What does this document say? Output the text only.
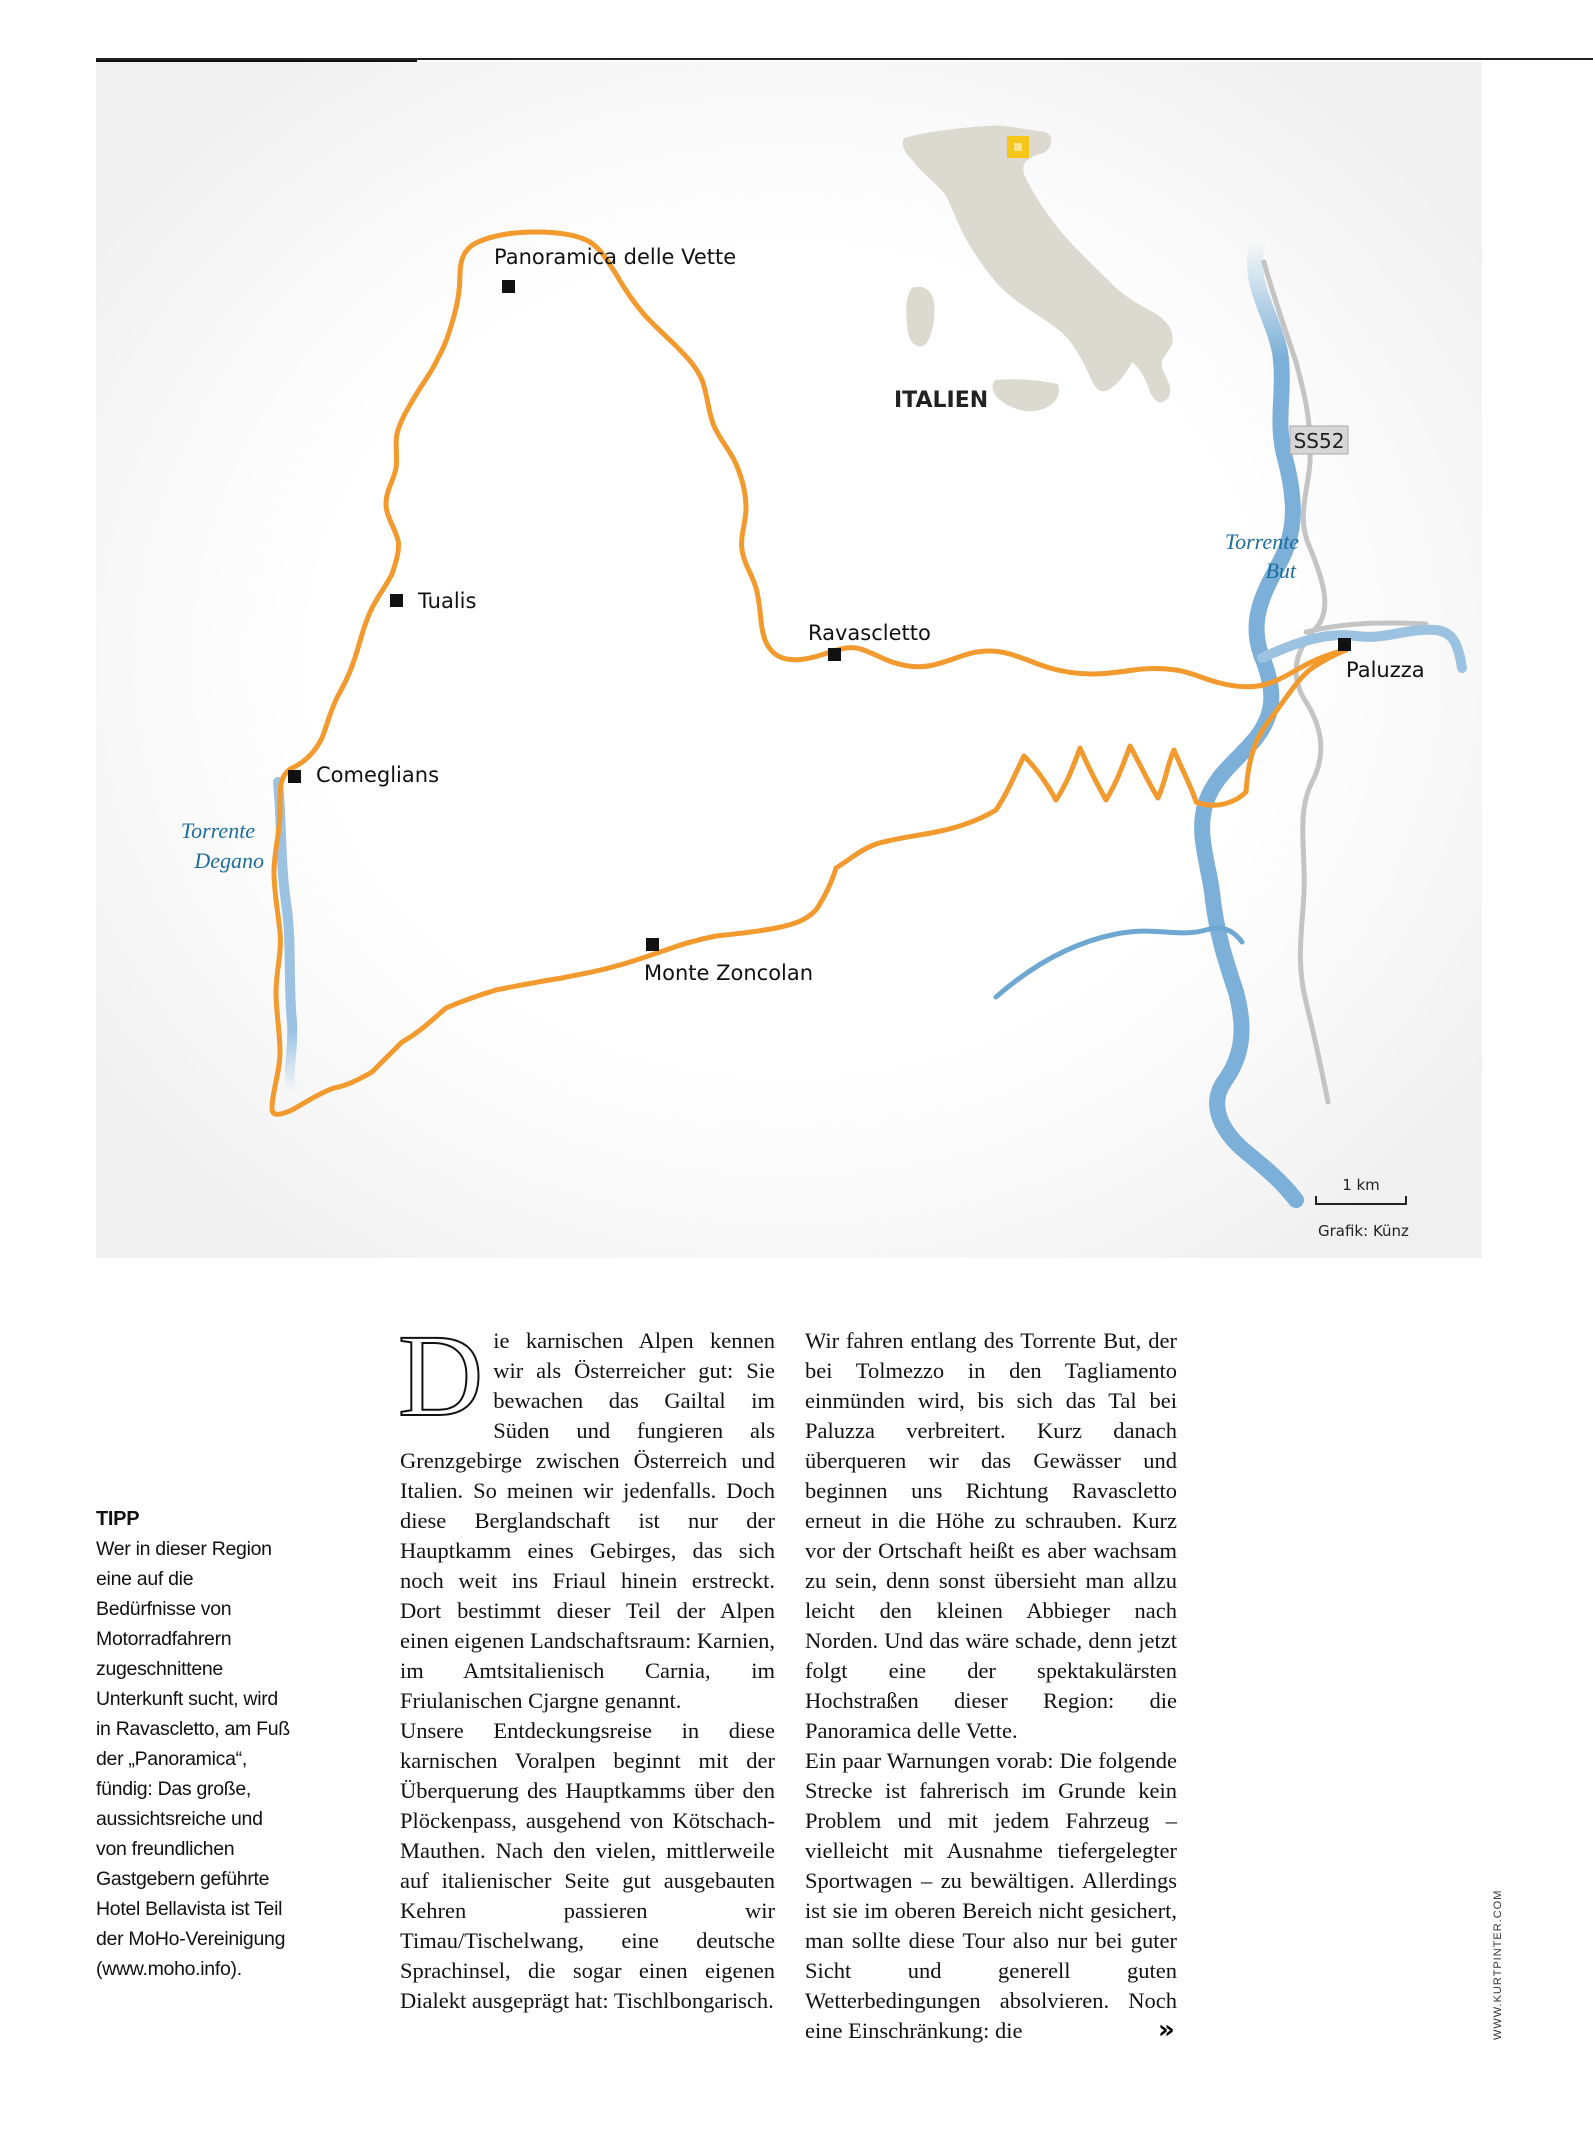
ITALIEN
Panoramica delle Vette
Tualis
Ravascletto
Paluzza
Comeglians
Monte Zoncolan
Torrente
But
Torrente
Degano
SS52
1 km
Grafik: Künz
TIPP
Wer in dieser Region eine auf die Bedürfnisse von Motorradfahrern zugeschnittene Unterkunft sucht, wird in Ravascletto, am Fuß der „Panoramica“, fündig: Das große, aussichtsreiche und von freundlichen Gastgebern geführte Hotel Bellavista ist Teil der MoHo-Vereinigung (www.moho.info).
D ie karnischen Alpen kennen wir als Österreicher gut: Sie bewachen das Gailtal im Süden und fungieren als Grenzgebirge zwischen Österreich und Italien. So meinen wir jedenfalls. Doch diese Berglandschaft ist nur der Hauptkamm eines Gebirges, das sich noch weit ins Friaul hinein erstreckt. Dort bestimmt dieser Teil der Alpen einen eigenen Landschaftsraum: Karnien, im Amtsitalienisch Carnia, im Friulanischen Cjargne genannt.

Unsere Entdeckungsreise in diese karnischen Voralpen beginnt mit der Überquerung des Hauptkamms über den Plöckenpass, ausgehend von Kötschach-Mauthen. Nach den vielen, mittlerweile auf italienischer Seite gut ausgebauten Kehren passieren wir Timau/Tischelwang, eine deutsche Sprachinsel, die sogar einen eigenen Dialekt ausgeprägt hat: Tischlbongarisch.

Wir fahren entlang des Torrente But, der bei Tolmezzo in den Tagliamento einmünden wird, bis sich das Tal bei Paluzza verbreitert. Kurz danach überqueren wir das Gewässer und beginnen uns Richtung Ravascletto erneut in die Höhe zu schrauben. Kurz vor der Ortschaft heißt es aber wachsam zu sein, denn sonst übersieht man allzu leicht den kleinen Abbieger nach Norden. Und das wäre schade, denn jetzt folgt eine der spektakulärsten Hochstraßen dieser Region: die Panoramica delle Vette.

Ein paar Warnungen vorab: Die folgende Strecke ist fahrerisch im Grunde kein Problem und mit jedem Fahrzeug – vielleicht mit Ausnahme tiefergelegter Sportwagen – zu bewältigen. Allerdings ist sie im oberen Bereich nicht gesichert, man sollte diese Tour also nur bei guter Sicht und generell guten Wetterbedingungen absolvieren. Noch eine Einschränkung: die	»	WWW.KURTPINTER.COM
